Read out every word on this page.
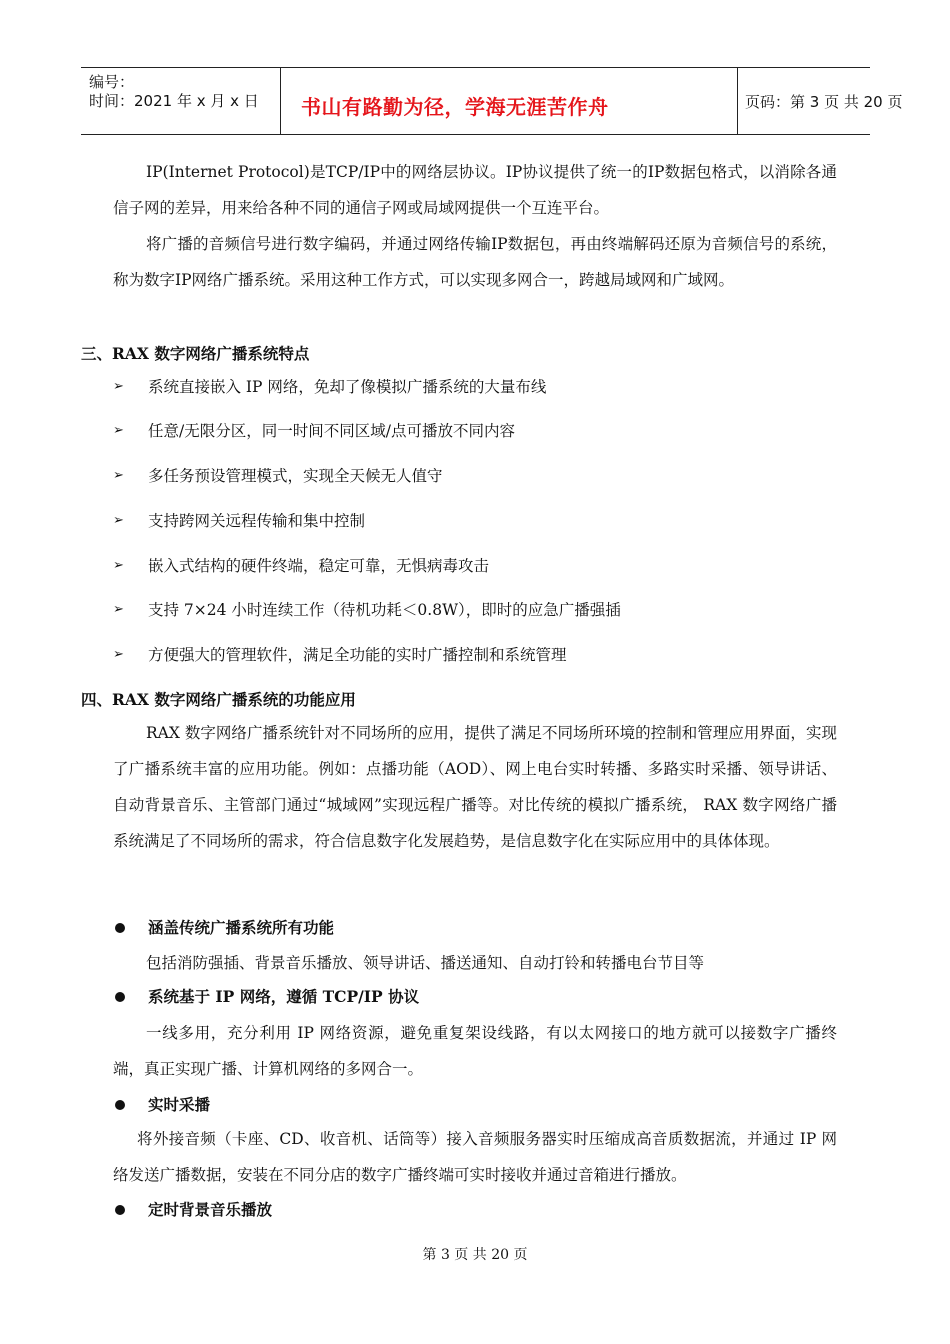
编号：
时间：2021 年 x 月 x 日 书山有路勤为径，学海无涯苦作舟	页码：第 3 页 共 20 页
IP(Internet Protocol)是TCP/IP中的网络层协议。IP协议提供了统一的IP数据包格式，以消除各通信子网的差异，用来给各种不同的通信子网或局域网提供一个互连平台。
将广播的音频信号进行数字编码，并通过网络传输IP数据包，再由终端解码还原为音频信号的系统，称为数字IP网络广播系统。采用这种工作方式，可以实现多网合一，跨越局域网和广域网。
三、RAX 数字网络广播系统特点
➢ 系统直接嵌入 IP 网络，免却了像模拟广播系统的大量布线
➢ 任意/无限分区，同一时间不同区域/点可播放不同内容
➢ 多任务预设管理模式，实现全天候无人值守
➢ 支持跨网关远程传输和集中控制
➢ 嵌入式结构的硬件终端，稳定可靠，无惧病毒攻击
➢ 支持 7×24 小时连续工作（待机功耗＜0.8W），即时的应急广播强插
➢ 方便强大的管理软件，满足全功能的实时广播控制和系统管理
四、RAX 数字网络广播系统的功能应用
RAX 数字网络广播系统针对不同场所的应用，提供了满足不同场所环境的控制和管理应用界面，实现了广播系统丰富的应用功能。例如：点播功能（AOD）、网上电台实时转播、多路实时采播、领导讲话、自动背景音乐、主管部门通过“城域网”实现远程广播等。对比传统的模拟广播系统， RAX 数字网络广播系统满足了不同场所的需求，符合信息数字化发展趋势，是信息数字化在实际应用中的具体体现。
涵盖传统广播系统所有功能
包括消防强插、背景音乐播放、领导讲话、播送通知、自动打铃和转播电台节目等
系统基于 IP 网络，遵循 TCP/IP 协议
一线多用，充分利用 IP 网络资源，避免重复架设线路，有以太网接口的地方就可以接数字广播终端，真正实现广播、计算机网络的多网合一。
实时采播
将外接音频（卡座、CD、收音机、话筒等）接入音频服务器实时压缩成高音质数据流，并通过 IP 网络发送广播数据，安装在不同分店的数字广播终端可实时接收并通过音箱进行播放。
定时背景音乐播放
第 3 页 共 20 页
